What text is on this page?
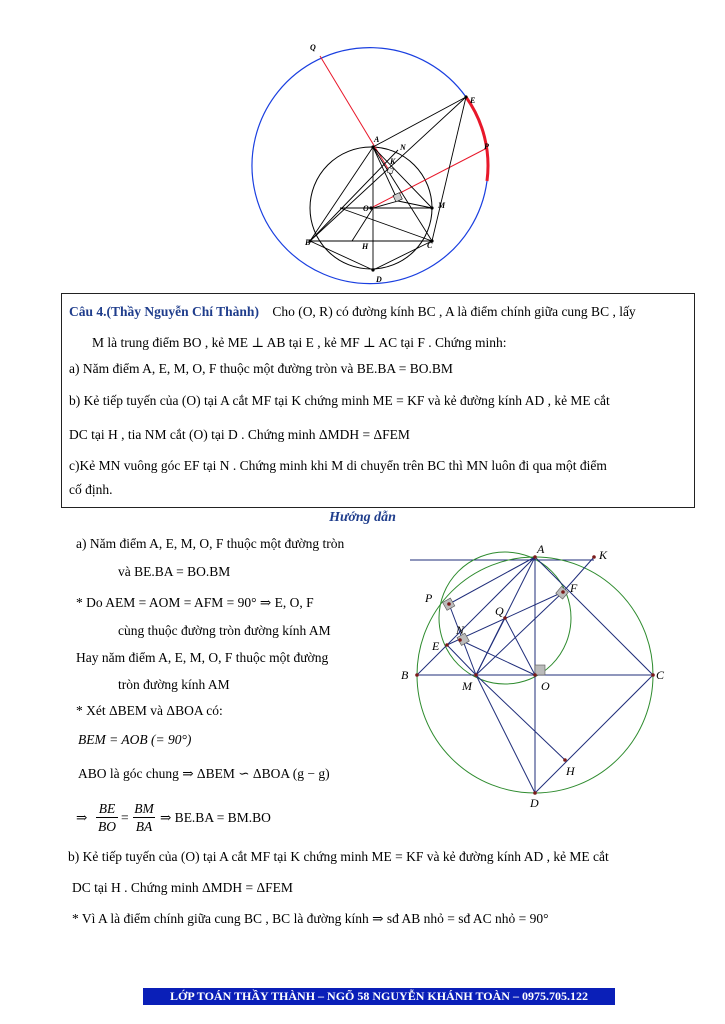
Q
E
P
A
N
K
O	M
B	H	C
D
Câu 4.(Thầy Nguyễn Chí Thành) Cho (O, R) có đường kính BC , A là điểm chính giữa cung BC , lấy
M là trung điểm BO , kẻ ME ⊥ AB tại E , kẻ MF ⊥ AC tại F . Chứng minh:
a) Năm điểm A, E, M, O, F thuộc một đường tròn và BE.BA = BO.BM
b) Kẻ tiếp tuyến của (O) tại A cắt MF tại K chứng minh ME = KF và kẻ đường kính AD , kẻ ME cắt
DC tại H , tia NM cắt (O) tại D . Chứng minh ΔMDH = ΔFEM
c)Kẻ MN vuông góc EF tại N . Chứng minh khi M di chuyển trên BC thì MN luôn đi qua một điểm
cố định.
Hướng dẫn
a) Năm điểm A, E, M, O, F thuộc một đường tròn
và BE.BA = BO.BM
* Do AEM = AOM = AFM = 90° ⇒ E, O, F
cùng thuộc đường tròn đường kính AM
Hay năm điểm A, E, M, O, F thuộc một đường
tròn đường kính AM
* Xét ΔBEM và ΔBOA có:
BEM = AOB (= 90°)
ABO là góc chung ⇒ ΔBEM ∽ ΔBOA (g − g)
⇒ $\frac{BE}{BO} = \frac{BM}{BA}$ ⇒ BE.BA = BM.BO
b) Kẻ tiếp tuyến của (O) tại A cắt MF tại K chứng minh ME = KF và kẻ đường kính AD , kẻ ME cắt
DC tại H . Chứng minh ΔMDH = ΔFEM
* Vì A là điểm chính giữa cung BC , BC là đường kính ⇒ sđ AB nhỏ = sđ AC nhỏ = 90°
A	K
P
F
Q
N
E
B
M	O
C
H
D
LỚP TOÁN THẦY THÀNH – NGÕ 58 NGUYỄN KHÁNH TOÀN – 0975.705.122
